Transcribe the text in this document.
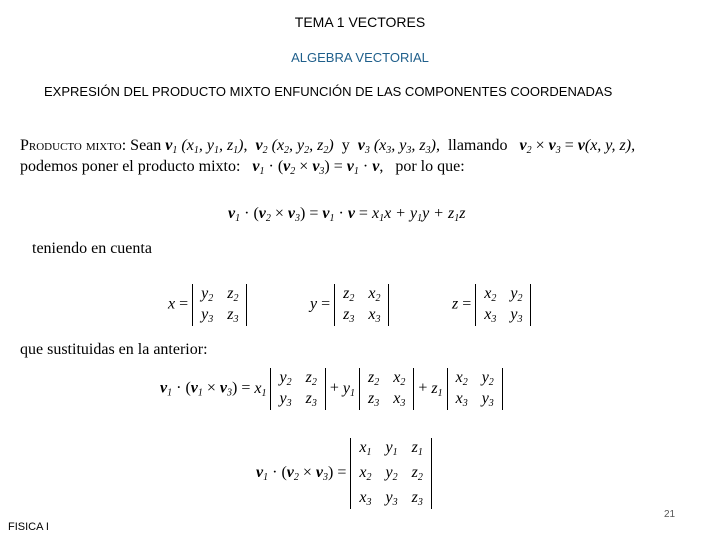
TEMA 1 VECTORES
ALGEBRA VECTORIAL
EXPRESIÓN DEL PRODUCTO MIXTO ENFUNCIÓN DE LAS COMPONENTES COORDENADAS
Producto mixto: Sean $v_1$ ($x_1$, $y_1$, $z_1$),  $v_2$ ($x_2$, $y_2$, $z_2$)  y  $v_3$ ($x_3$, $y_3$, $z_3$),  llamando $v_2 \times v_3 = v(x$, y, z),
podemos poner el producto mixto: $v_1 \cdot (v_2 \times v_3) = v_1 \cdot v$,   por lo que:
$v_1 \cdot (v_2 \times v_3) = v_1 \cdot v = x_1x + y_1y + z_1z$
teniendo en cuenta
x =
$y_2$ $z_2$
$y_3$ $z_3$
y =
$z_2$ $x_2$
$z_3$ $x_3$
z =
$x_2$ $y_2$
$x_3$ $y_3$
que sustituidas en la anterior:
$v_1 \cdot (v_1 \times v_3) = x_1$
$y_2$ $z_2$
$y_3$ $z_3$
+ $y_1$
$z_2$ $x_2$
$z_3$ $x_3$
+ $z_1$
$x_2$ $y_2$
$x_3$ $y_3$
$v_1 \cdot (v_2 \times v_3)$ =
$x_1$ $y_1$ $z_1$
$x_2$ $y_2$ $z_2$
$x_3$ $y_3$ $z_3$
FISICA I
21
